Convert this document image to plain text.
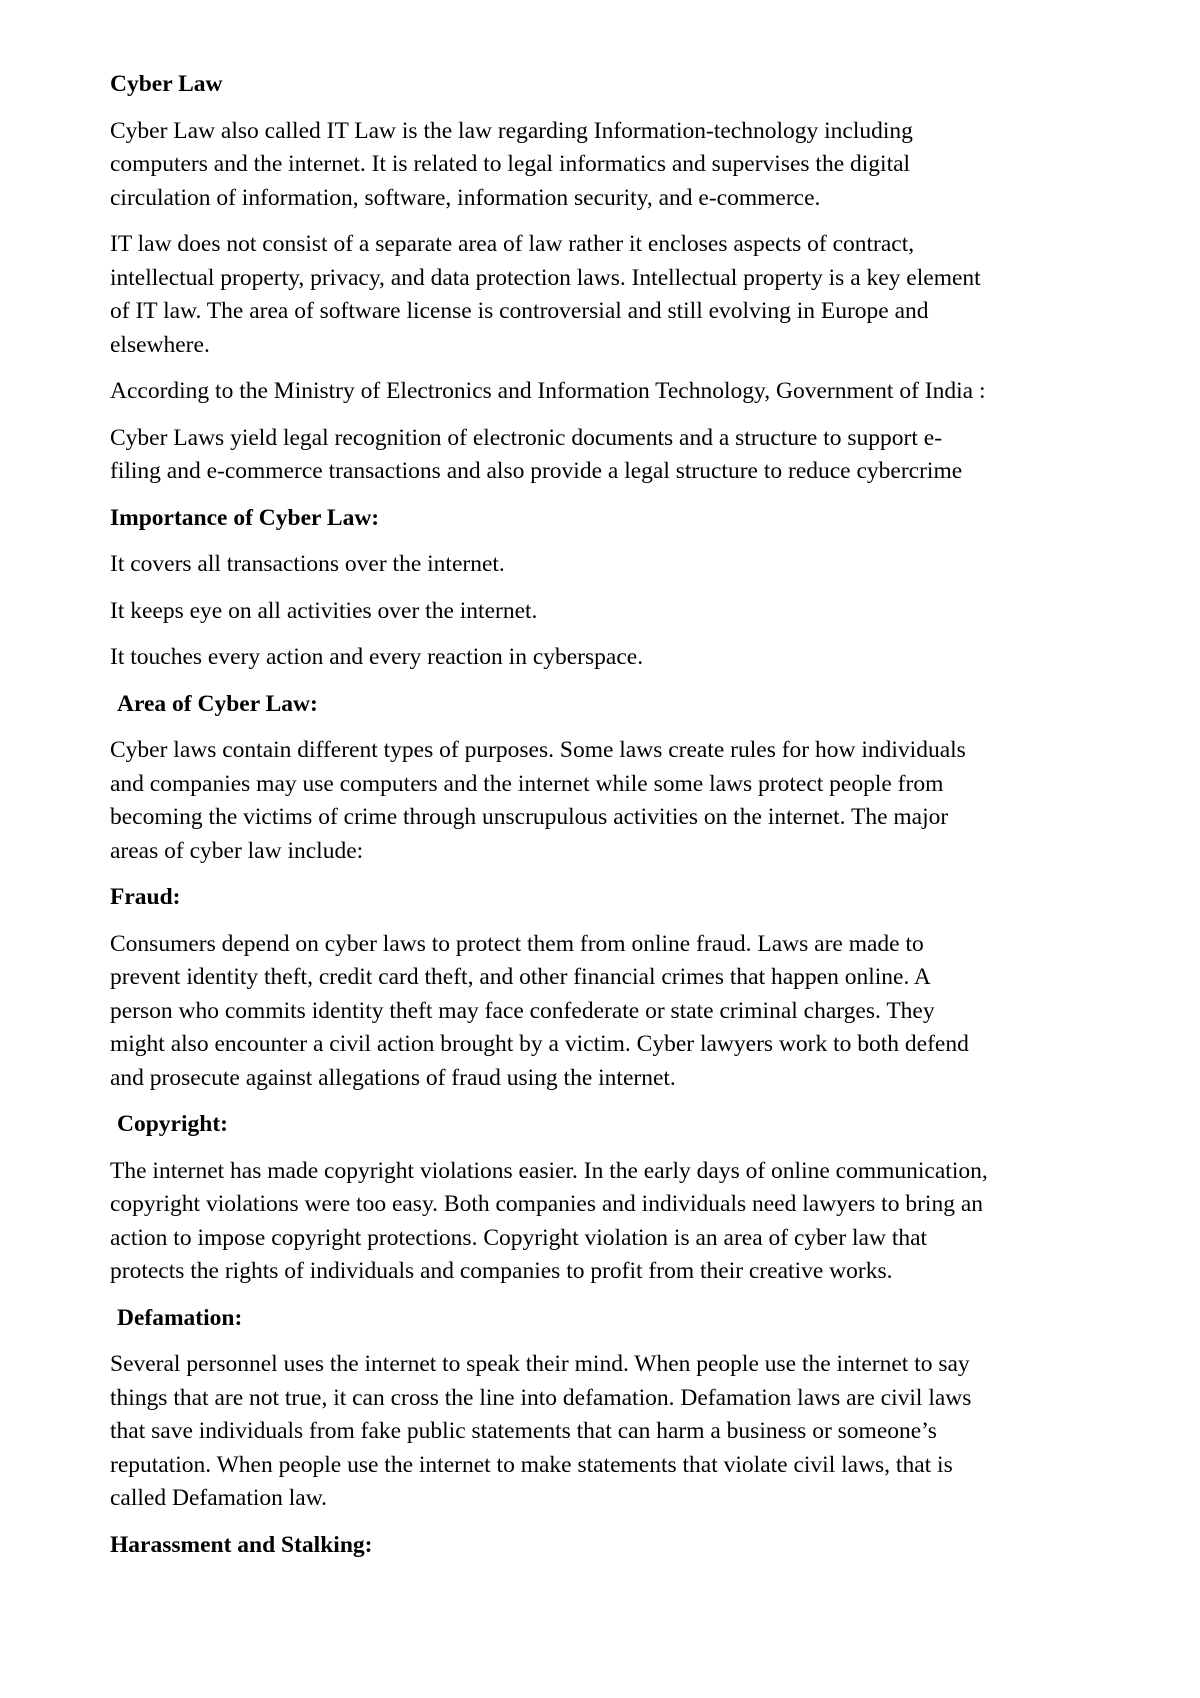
Cyber Law
Cyber Law also called IT Law is the law regarding Information-technology including
computers and the internet. It is related to legal informatics and supervises the digital
circulation of information, software, information security, and e-commerce.
IT law does not consist of a separate area of law rather it encloses aspects of contract,
intellectual property, privacy, and data protection laws. Intellectual property is a key element
of IT law. The area of software license is controversial and still evolving in Europe and
elsewhere.
According to the Ministry of Electronics and Information Technology, Government of India :
Cyber Laws yield legal recognition of electronic documents and a structure to support e-
filing and e-commerce transactions and also provide a legal structure to reduce cybercrime
Importance of Cyber Law:
It covers all transactions over the internet.
It keeps eye on all activities over the internet.
It touches every action and every reaction in cyberspace.
Area of Cyber Law:
Cyber laws contain different types of purposes. Some laws create rules for how individuals
and companies may use computers and the internet while some laws protect people from
becoming the victims of crime through unscrupulous activities on the internet. The major
areas of cyber law include:
Fraud:
Consumers depend on cyber laws to protect them from online fraud. Laws are made to
prevent identity theft, credit card theft, and other financial crimes that happen online. A
person who commits identity theft may face confederate or state criminal charges. They
might also encounter a civil action brought by a victim. Cyber lawyers work to both defend
and prosecute against allegations of fraud using the internet.
Copyright:
The internet has made copyright violations easier. In the early days of online communication,
copyright violations were too easy. Both companies and individuals need lawyers to bring an
action to impose copyright protections. Copyright violation is an area of cyber law that
protects the rights of individuals and companies to profit from their creative works.
Defamation:
Several personnel uses the internet to speak their mind. When people use the internet to say
things that are not true, it can cross the line into defamation. Defamation laws are civil laws
that save individuals from fake public statements that can harm a business or someone’s
reputation. When people use the internet to make statements that violate civil laws, that is
called Defamation law.
Harassment and Stalking:
